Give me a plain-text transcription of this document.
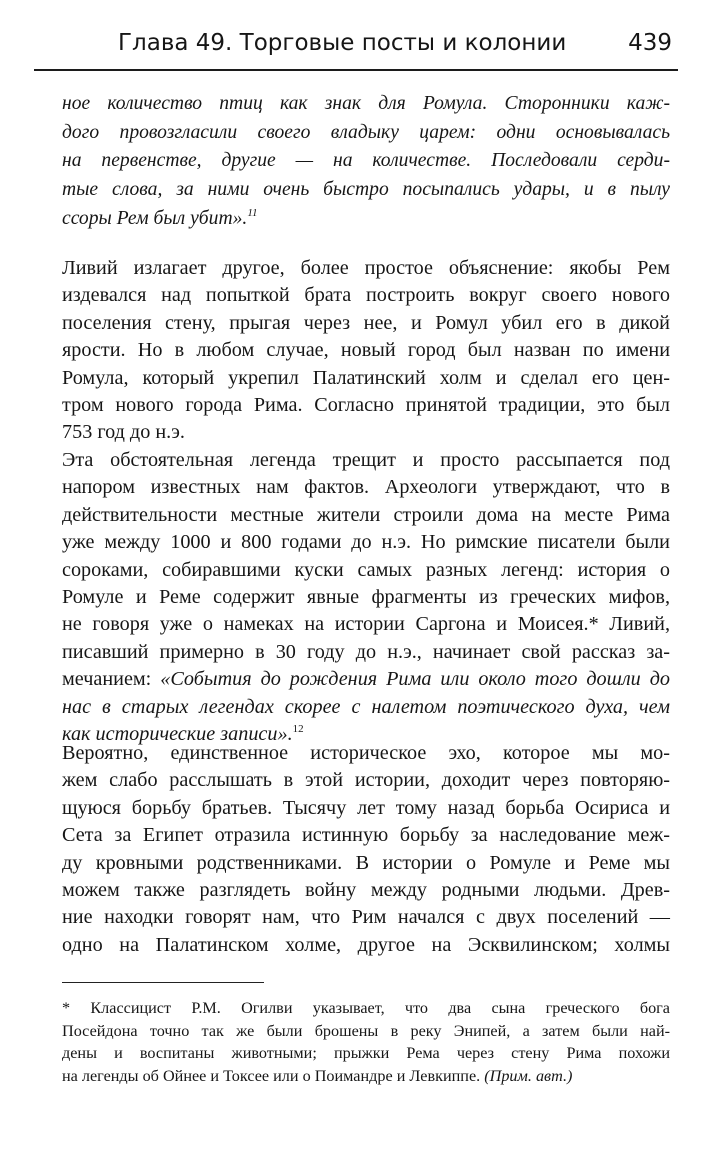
Глава 49. Торговые посты и колонии	439
ное количество птиц как знак для Ромула. Сторонники каж-
дого провозгласили своего владыку царем: одни основывалась
на первенстве, другие — на количестве. Последовали серди-
тые слова, за ними очень быстро посыпались удары, и в пылу
ссоры Рем был убит».$^{11}$
Ливий излагает другое, более простое объяснение: якобы Рем
издевался над попыткой брата построить вокруг своего нового
поселения стену, прыгая через нее, и Ромул убил его в дикой
ярости. Но в любом случае, новый город был назван по имени
Ромула, который укрепил Палатинский холм и сделал его цен-
тром нового города Рима. Согласно принятой традиции, это был
753 год до н.э.
Эта обстоятельная легенда трещит и просто рассыпается под
напором известных нам фактов. Археологи утверждают, что в
действительности местные жители строили дома на месте Рима
уже между 1000 и 800 годами до н.э. Но римские писатели были
сороками, собиравшими куски самых разных легенд: история о
Ромуле и Реме содержит явные фрагменты из греческих мифов,
не говоря уже о намеках на истории Саргона и Моисея.* Ливий,
писавший примерно в 30 году до н.э., начинает свой рассказ за-
мечанием: «События до рождения Рима или около того дошли до
нас в старых легендах скорее с налетом поэтического духа, чем
как исторические записи».$^{12}$
Вероятно, единственное историческое эхо, которое мы мо-
жем слабо расслышать в этой истории, доходит через повторяю-
щуюся борьбу братьев. Тысячу лет тому назад борьба Осириса и
Сета за Египет отразила истинную борьбу за наследование меж-
ду кровными родственниками. В истории о Ромуле и Реме мы
можем также разглядеть войну между родными людьми. Древ-
ние находки говорят нам, что Рим начался с двух поселений —
одно на Палатинском холме, другое на Эсквилинском; холмы
* Классицист Р.М. Огилви указывает, что два сына греческого бога
Посейдона точно так же были брошены в реку Энипей, а затем были най-
дены и воспитаны животными; прыжки Рема через стену Рима похожи
на легенды об Ойнее и Токсее или о Поимандре и Левкиппе. (Прим. авт.)
